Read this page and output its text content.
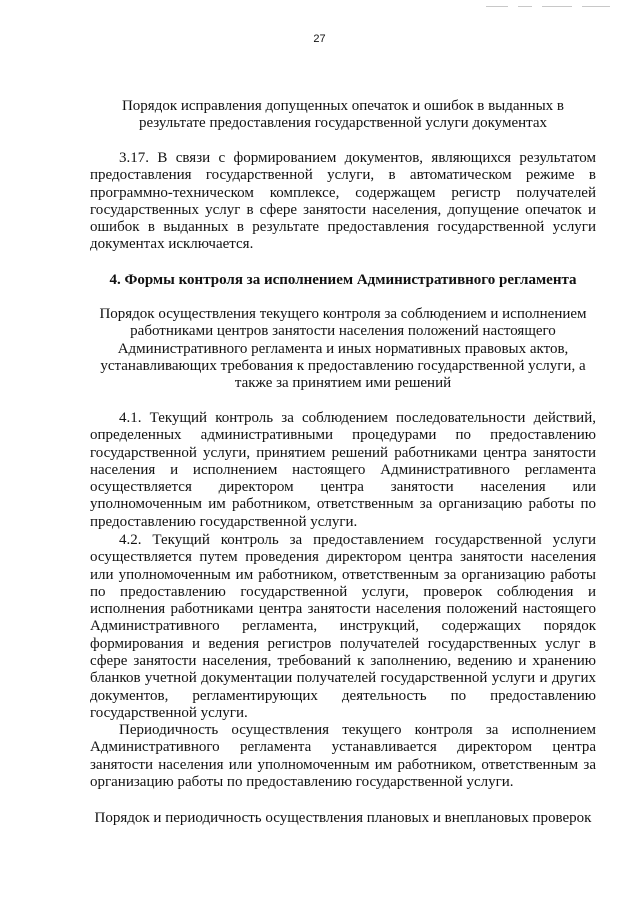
27
Порядок исправления допущенных опечаток и ошибок в выданных в результате предоставления государственной услуги документах
3.17. В связи с формированием документов, являющихся результатом предоставления государственной услуги, в автоматическом режиме в программно-техническом комплексе, содержащем регистр получателей государственных услуг в сфере занятости населения, допущение опечаток и ошибок в выданных в результате предоставления государственной услуги документах исключается.
4. Формы контроля за исполнением Административного регламента
Порядок осуществления текущего контроля за соблюдением и исполнением работниками центров занятости населения положений настоящего Административного регламента и иных нормативных правовых актов, устанавливающих требования к предоставлению государственной услуги, а также за принятием ими решений
4.1. Текущий контроль за соблюдением последовательности действий, определенных административными процедурами по предоставлению государственной услуги, принятием решений работниками центра занятости населения и исполнением настоящего Административного регламента осуществляется директором центра занятости населения или уполномоченным им работником, ответственным за организацию работы по предоставлению государственной услуги.
4.2. Текущий контроль за предоставлением государственной услуги осуществляется путем проведения директором центра занятости населения или уполномоченным им работником, ответственным за организацию работы по предоставлению государственной услуги, проверок соблюдения и исполнения работниками центра занятости населения положений настоящего Административного регламента, инструкций, содержащих порядок формирования и ведения регистров получателей государственных услуг в сфере занятости населения, требований к заполнению, ведению и хранению бланков учетной документации получателей государственной услуги и других документов, регламентирующих деятельность по предоставлению государственной услуги.
Периодичность осуществления текущего контроля за исполнением Административного регламента устанавливается директором центра занятости населения или уполномоченным им работником, ответственным за организацию работы по предоставлению государственной услуги.
Порядок и периодичность осуществления плановых и внеплановых проверок
